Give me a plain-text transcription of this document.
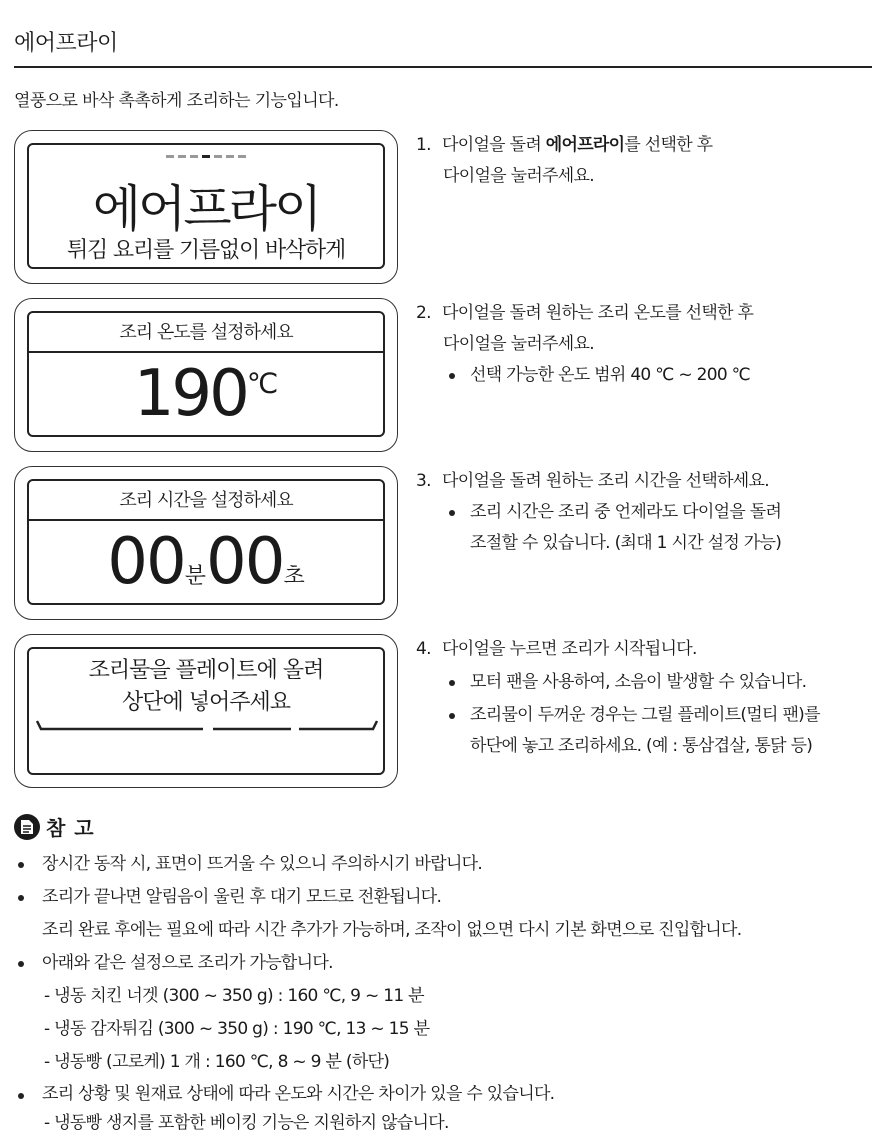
에어프라이
열풍으로 바삭 촉촉하게 조리하는 기능입니다.
에어프라이
튀김 요리를 기름없이 바삭하게
조리 온도를 설정하세요
190℃
조리 시간을 설정하세요
00분00초
조리물을 플레이트에 올려
상단에 넣어주세요
1. 다이얼을 돌려 에어프라이를 선택한 후
다이얼을 눌러주세요.
2. 다이얼을 돌려 원하는 조리 온도를 선택한 후
다이얼을 눌러주세요.
선택 가능한 온도 범위 40 ℃ ~ 200 ℃
3. 다이얼을 돌려 원하는 조리 시간을 선택하세요.
조리 시간은 조리 중 언제라도 다이얼을 돌려
조절할 수 있습니다. (최대 1 시간 설정 가능)
4. 다이얼을 누르면 조리가 시작됩니다.
모터 팬을 사용하여, 소음이 발생할 수 있습니다.
조리물이 두꺼운 경우는 그릴 플레이트(멀티 팬)를
하단에 놓고 조리하세요. (예 : 통삼겹살, 통닭 등)
참 고
장시간 동작 시, 표면이 뜨거울 수 있으니 주의하시기 바랍니다.
조리가 끝나면 알림음이 울린 후 대기 모드로 전환됩니다.
조리 완료 후에는 필요에 따라 시간 추가가 가능하며, 조작이 없으면 다시 기본 화면으로 진입합니다.
아래와 같은 설정으로 조리가 가능합니다.
- 냉동 치킨 너겟 (300 ~ 350 g) : 160 ℃, 9 ~ 11 분
- 냉동 감자튀김 (300 ~ 350 g) : 190 ℃, 13 ~ 15 분
- 냉동빵 (고로케) 1 개 : 160 ℃, 8 ~ 9 분 (하단)
조리 상황 및 원재료 상태에 따라 온도와 시간은 차이가 있을 수 있습니다.
- 냉동빵 생지를 포함한 베이킹 기능은 지원하지 않습니다.
